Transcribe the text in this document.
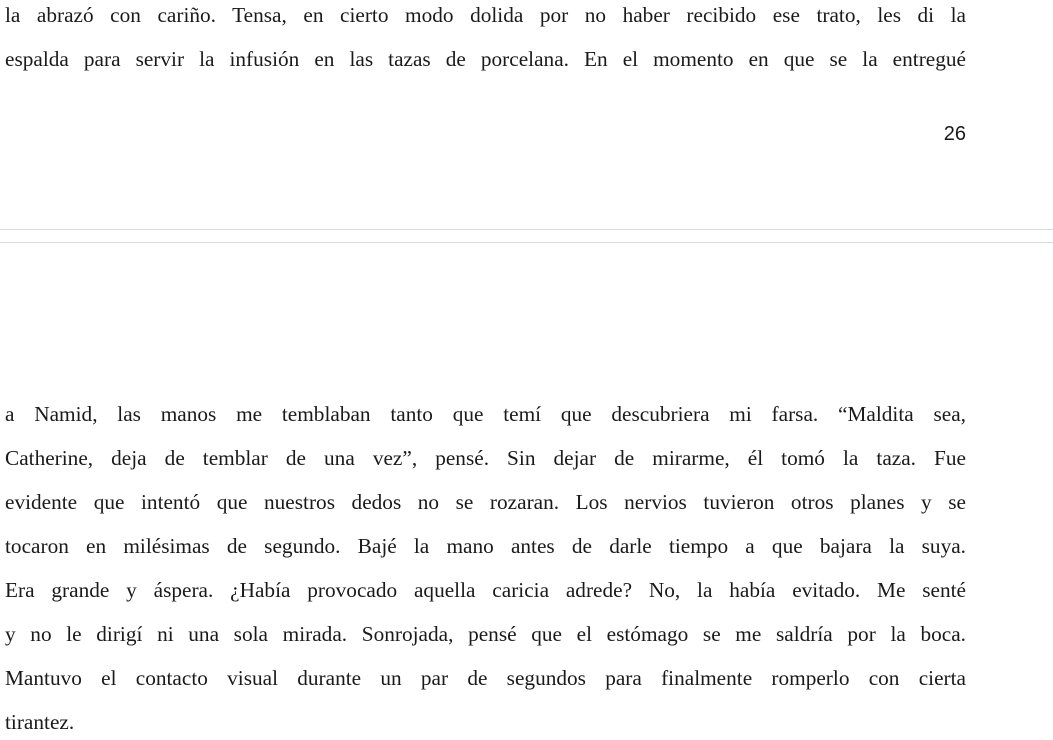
la abrazó con cariño. Tensa, en cierto modo dolida por no haber recibido ese trato, les di la
espalda para servir la infusión en las tazas de porcelana. En el momento en que se la entregué
26
a Namid, las manos me temblaban tanto que temí que descubriera mi farsa. “Maldita sea,
Catherine, deja de temblar de una vez”, pensé. Sin dejar de mirarme, él tomó la taza. Fue
evidente que intentó que nuestros dedos no se rozaran. Los nervios tuvieron otros planes y se
tocaron en milésimas de segundo. Bajé la mano antes de darle tiempo a que bajara la suya.
Era grande y áspera. ¿Había provocado aquella caricia adrede? No, la había evitado. Me senté
y no le dirigí ni una sola mirada. Sonrojada, pensé que el estómago se me saldría por la boca.
Mantuvo el contacto visual durante un par de segundos para finalmente romperlo con cierta
tirantez.
